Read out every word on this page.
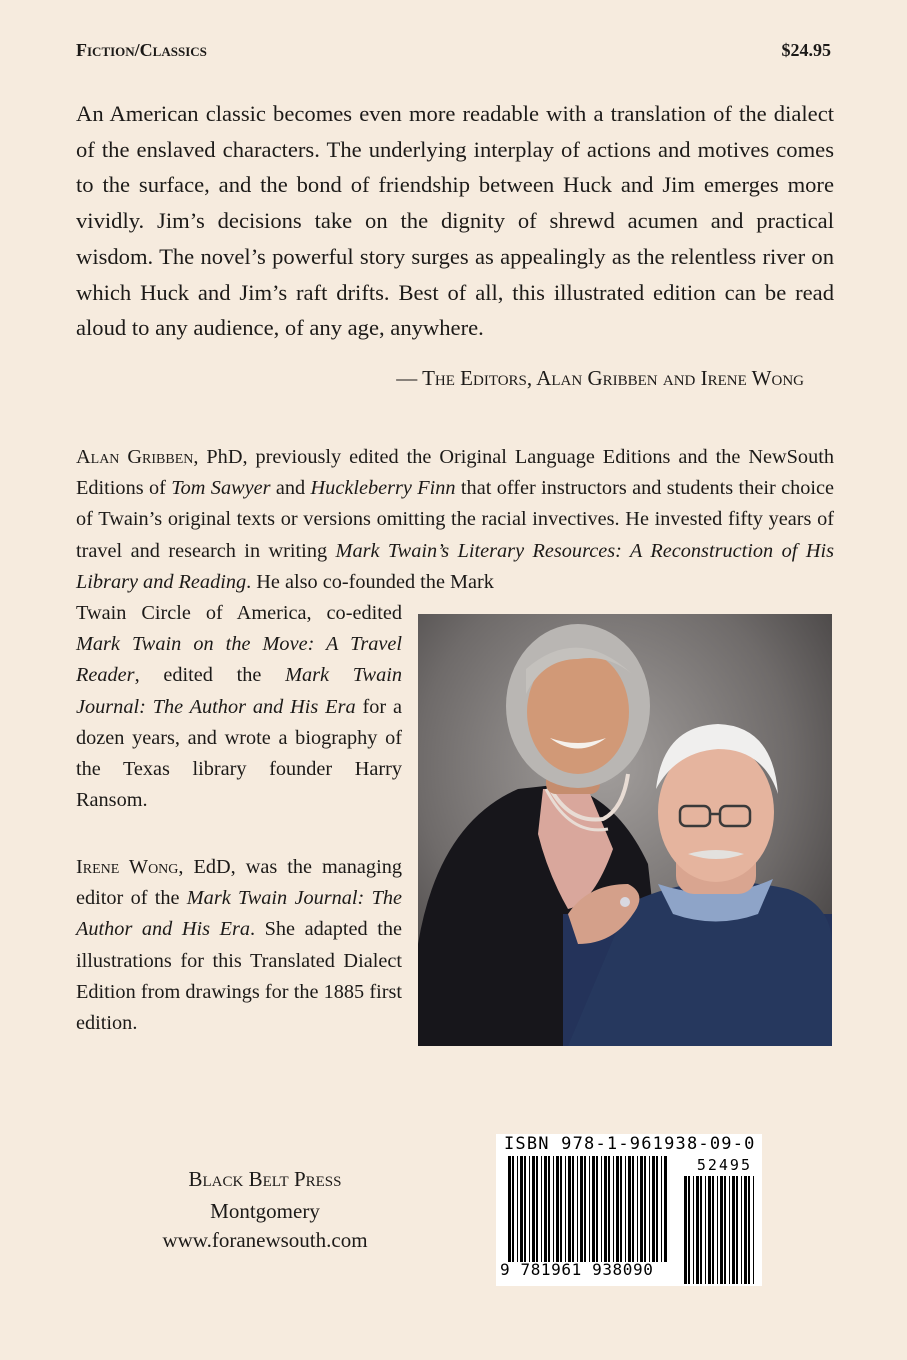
Fiction/Classics	$24.95
An American classic becomes even more readable with a translation of the dialect of the enslaved characters. The underlying interplay of actions and motives comes to the surface, and the bond of friendship between Huck and Jim emerges more vividly. Jim’s decisions take on the dignity of shrewd acumen and practical wisdom. The novel’s powerful story surges as appealingly as the relentless river on which Huck and Jim’s raft drifts. Best of all, this illustrated edition can be read aloud to any audience, of any age, anywhere.
— The Editors, Alan Gribben and Irene Wong
Alan Gribben, PhD, previously edited the Original Language Editions and the NewSouth Editions of Tom Sawyer and Huckleberry Finn that offer instructors and students their choice of Twain’s original texts or versions omitting the racial invectives. He invested fifty years of travel and research in writing Mark Twain’s Literary Resources: A Reconstruction of His Library and Reading. He also co-founded the Mark
Twain Circle of America, co-edited Mark Twain on the Move: A Travel Reader, edited the Mark Twain Journal: The Author and His Era for a dozen years, and wrote a biography of the Texas library founder Harry Ransom.
Irene Wong, EdD, was the managing editor of the Mark Twain Journal: The Author and His Era. She adapted the illustrations for this Translated Dialect Edition from drawings for the 1885 first edition.
Black Belt Press
Montgomery
www.foranewsouth.com
ISBN 978-1-961938-09-0
52495
9 781961 938090
